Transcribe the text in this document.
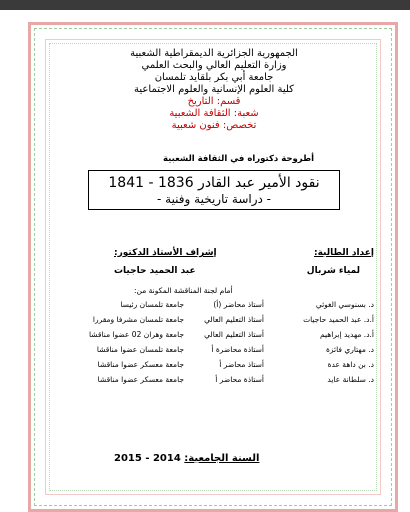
الجمهورية الجزائرية الديمقراطية الشعبية
وزارة التعليم العالي والبحث العلمي
جامعة أبي بكر بلقايد تلمسان
كلية العلوم الإنسانية والعلوم الاجتماعية
قسم: التاريخ
شعبة: الثقافة الشعبية
تخصص: فنون شعبية
أطروحة دكتوراه في الثقافة الشعبية
نقود الأمير عبد القادر 1836 - 1841
- دراسة تاريخية وفنية -
إعداد الطالبة:
إشراف الأستاذ الدكتور:
لمياء شربال
عبد الحميد حاجيات
أمام لجنة المناقشة المكونة من:
د. بسنوسي الغوثي
أستاذ محاضر (أ)
جامعة تلمسان رئيسا
أ.د. عبد الحميد حاجيات
أستاذ التعليم العالي
جامعة تلمسان مشرفا ومقررا
أ.د. مهديد إبراهيم
أستاذ التعليم العالي
جامعة وهران 02 عضوا مناقشا
د. مهتاري فائزة
أستاذة محاضرة أ
جامعة تلمسان عضوا مناقشا
د. بن داهة عدة
أستاذ محاضر أ
جامعة معسكر عضوا مناقشا
د. سلطانة عايد
أستاذة محاضر أ
جامعة معسكر عضوا مناقشا
السنة الجامعية: 2014 - 2015
